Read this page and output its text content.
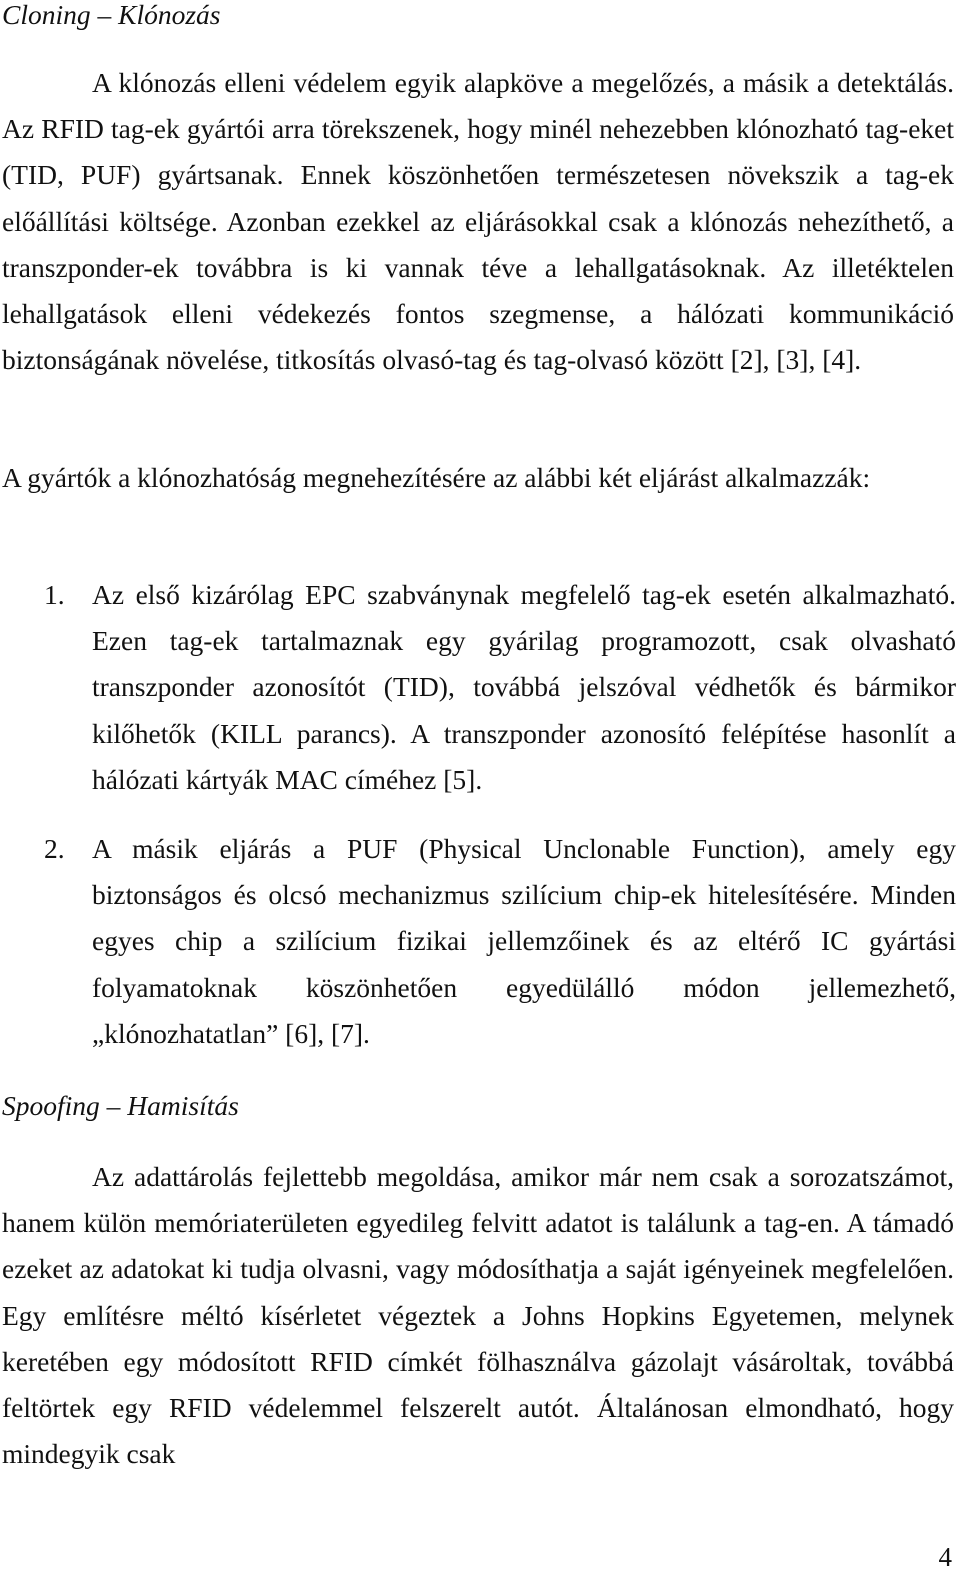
Cloning – Klónozás

A klónozás elleni védelem egyik alapköve a megelőzés, a másik a detektálás. Az RFID tag-ek gyártói arra törekszenek, hogy minél nehezebben klónozható tag-eket (TID, PUF) gyártsanak. Ennek köszönhetően természetesen növekszik a tag-ek előállítási költsége. Azonban ezekkel az eljárásokkal csak a klónozás nehezíthető, a transzponder-ek továbbra is ki vannak téve a lehallgatásoknak. Az illetéktelen lehallgatások elleni védekezés fontos szegmense, a hálózati kommunikáció biztonságának növelése, titkosítás olvasó-tag és tag-olvasó között [2], [3], [4].

A gyártók a klónozhatóság megnehezítésére az alábbi két eljárást alkalmazzák:

1. Az első kizárólag EPC szabványnak megfelelő tag-ek esetén alkalmazható. Ezen tag-ek tartalmaznak egy gyárilag programozott, csak olvasható transzponder azonosítót (TID), továbbá jelszóval védhetők és bármikor kilőhetők (KILL parancs). A transzponder azonosító felépítése hasonlít a hálózati kártyák MAC címéhez [5].
2. A másik eljárás a PUF (Physical Unclonable Function), amely egy biztonságos és olcsó mechanizmus szilícium chip-ek hitelesítésére. Minden egyes chip a szilícium fizikai jellemzőinek és az eltérő IC gyártási folyamatoknak köszönhetően egyedülálló módon jellemezhető, „klónozhatatlan” [6], [7].
Spoofing – Hamisítás

Az adattárolás fejlettebb megoldása, amikor már nem csak a sorozatszámot, hanem külön memóriaterületen egyedileg felvitt adatot is találunk a tag-en. A támadó ezeket az adatokat ki tudja olvasni, vagy módosíthatja a saját igényeinek megfelelően. Egy említésre méltó kísérletet végeztek a Johns Hopkins Egyetemen, melynek keretében egy módosított RFID címkét fölhasználva gázolajt vásároltak, továbbá feltörtek egy RFID védelemmel felszerelt autót. Általánosan elmondható, hogy mindegyik csak

4
